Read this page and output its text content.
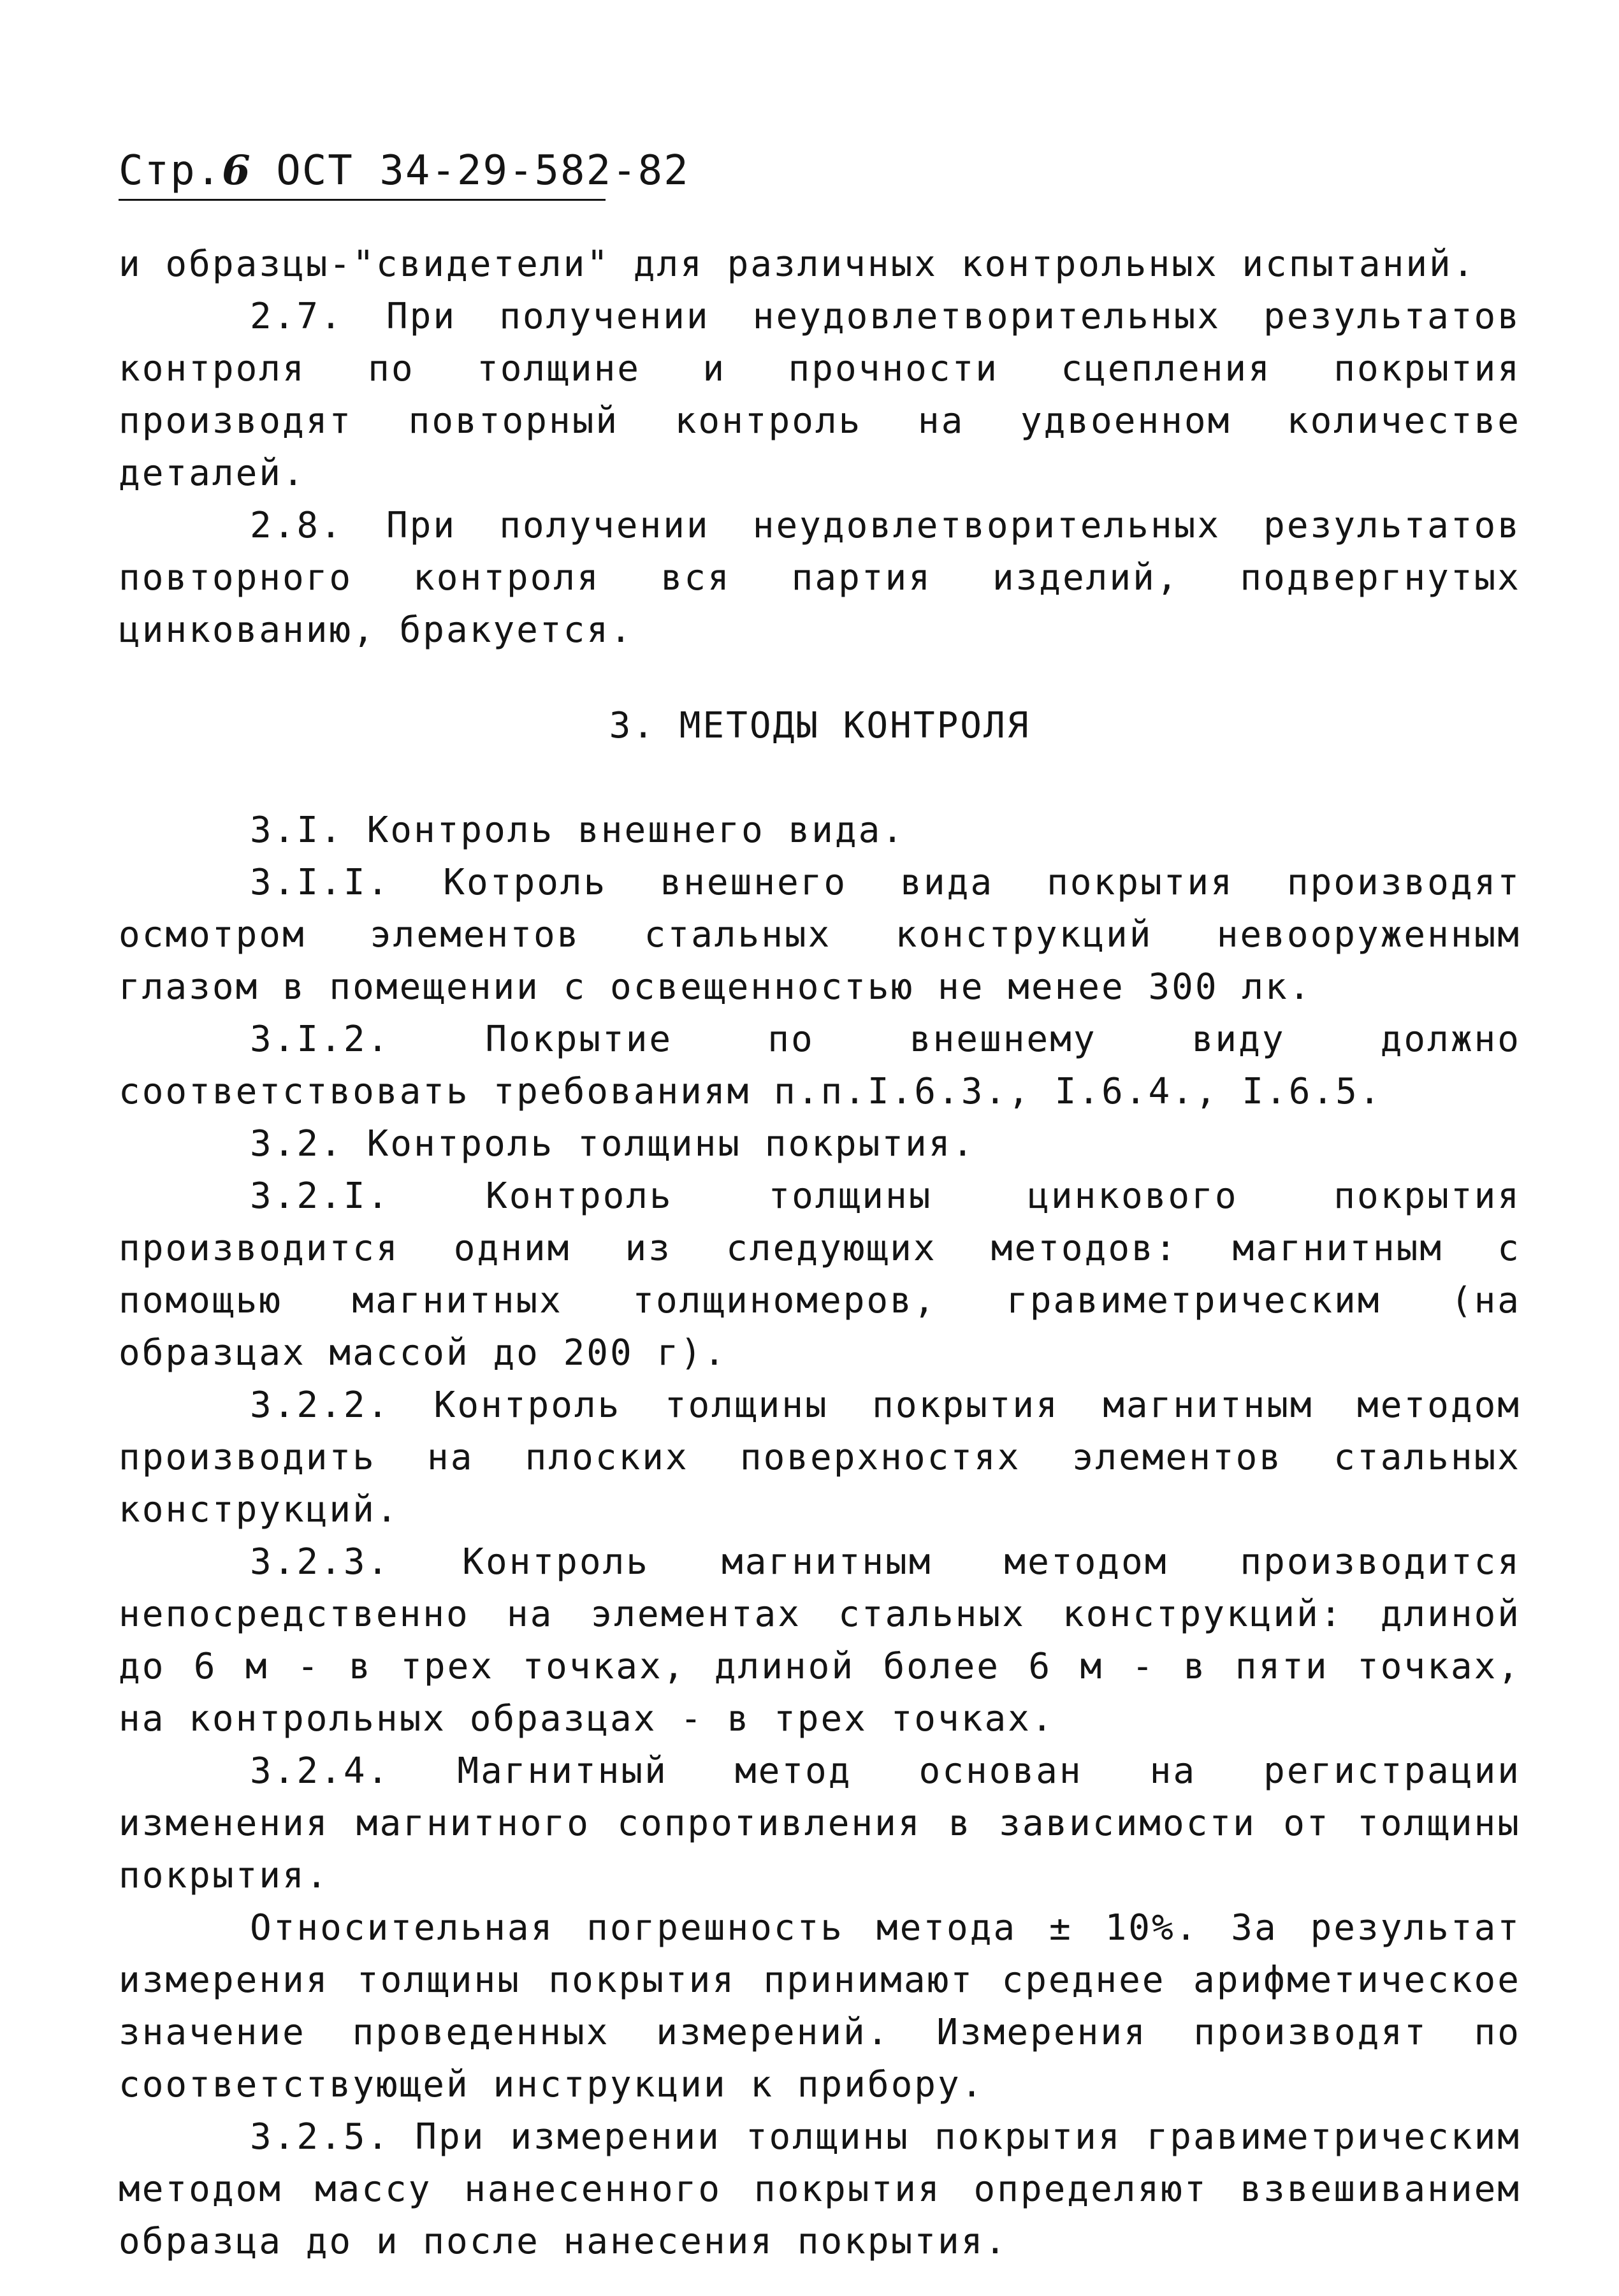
Стр.6 ОСТ 34-29-582-82

и образцы-"свидетели" для различных контрольных испытаний.

2.7. При получении неудовлетворительных результатов контроля по толщине и прочности сцепления покрытия производят повторный контроль на удвоенном количестве деталей.

2.8. При получении неудовлетворительных результатов повторного контроля вся партия изделий, подвергнутых цинкованию, бракуется.

3. МЕТОДЫ КОНТРОЛЯ

3.I. Контроль внешнего вида.

3.I.I. Котроль внешнего вида покрытия производят осмотром элементов стальных конструкций невооруженным глазом в помещении с освещенностью не менее 300 лк.

3.I.2. Покрытие по внешнему виду должно соответствовать требованиям п.п.I.6.3., I.6.4., I.6.5.

3.2. Контроль толщины покрытия.

3.2.I. Контроль толщины цинкового покрытия производится одним из следующих методов: магнитным с помощью магнитных толщиномеров, гравиметрическим (на образцах массой до 200 г).

3.2.2. Контроль толщины покрытия магнитным методом производить на плоских поверхностях элементов стальных конструкций.

3.2.3. Контроль магнитным методом производится непосредственно на элементах стальных конструкций: длиной до 6 м - в трех точках, длиной более 6 м - в пяти точках, на контрольных образцах - в трех точках.

3.2.4. Магнитный метод основан на регистрации изменения магнитного сопротивления в зависимости от толщины покрытия.

Относительная погрешность метода ± 10%. За результат измерения толщины покрытия принимают среднее арифметическое значение проведенных измерений. Измерения производят по соответствующей инструкции к прибору.

3.2.5. При измерении толщины покрытия гравиметрическим методом массу нанесенного покрытия определяют взвешиванием образца до и после нанесения покрытия.
